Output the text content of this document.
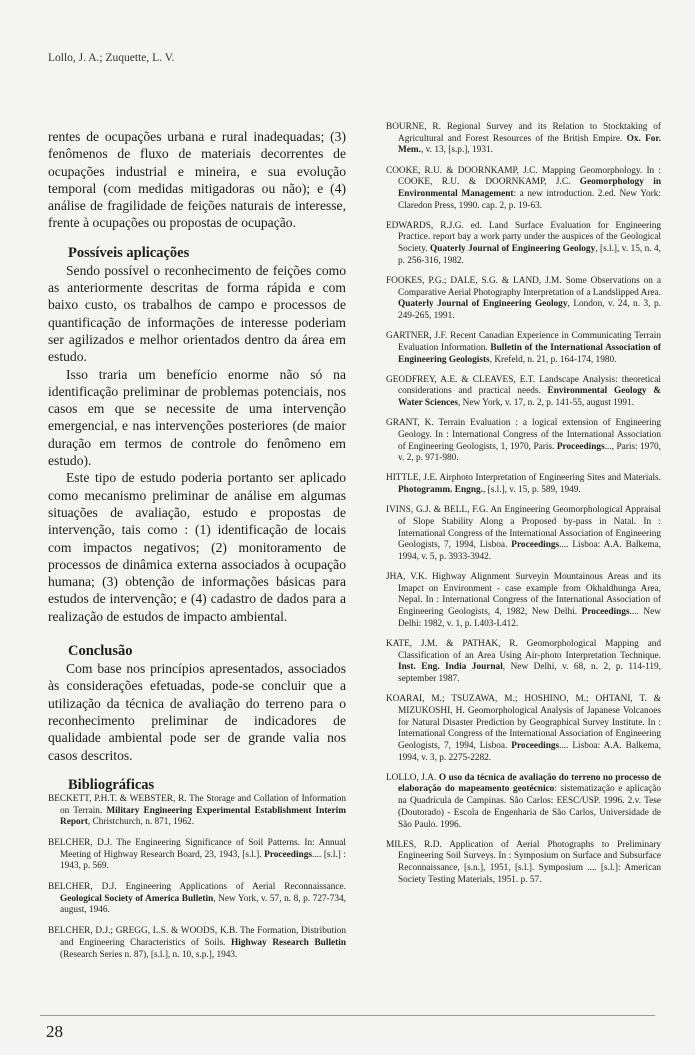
Lollo, J. A.; Zuquette, L. V.

rentes de ocupações urbana e rural inadequadas; (3) fenômenos de fluxo de materiais decorrentes de ocupações industrial e mineira, e sua evolução temporal (com medidas mitigadoras ou não); e (4) análise de fragilidade de feições naturais de interesse, frente à ocupações ou propostas de ocupação.

Possíveis aplicações

Sendo possível o reconhecimento de feições como as anteriormente descritas de forma rápida e com baixo custo, os trabalhos de campo e processos de quantificação de informações de interesse poderiam ser agilizados e melhor orientados dentro da área em estudo.

Isso traria um benefício enorme não só na identificação preliminar de problemas potenciais, nos casos em que se necessite de uma intervenção emergencial, e nas intervenções posteriores (de maior duração em termos de controle do fenômeno em estudo).

Este tipo de estudo poderia portanto ser aplicado como mecanismo preliminar de análise em algumas situações de avaliação, estudo e propostas de intervenção, tais como : (1) identificação de locais com impactos negativos; (2) monitoramento de processos de dinâmica externa associados à ocupação humana; (3) obtenção de informações básicas para estudos de intervenção; e (4) cadastro de dados para a realização de estudos de impacto ambiental.

Conclusão

Com base nos princípios apresentados, associados às considerações efetuadas, pode-se concluir que a utilização da técnica de avaliação do terreno para o reconhecimento preliminar de indicadores de qualidade ambiental pode ser de grande valia nos casos descritos.

Bibliográficas
BECKETT, P.H.T. & WEBSTER, R. The Storage and Collation of Information on Terrain. Military Engineering Experimental Establishment Interim Report, Christchurch, n. 871, 1962.
BELCHER, D.J. The Engineering Significance of Soil Patterns. In: Annual Meeting of Highway Research Board, 23, 1943, [s.l.]. Proceedings.... [s.l.] : 1943, p. 569.
BELCHER, D.J. Engineering Applications of Aerial Reconnaissance. Geological Society of America Bulletin, New York, v. 57, n. 8, p. 727-734, august, 1946.
BELCHER, D.J.; GREGG, L.S. & WOODS, K.B. The Formation, Distribution and Engineering Characteristics of Soils. Highway Research Bulletin (Research Series n. 87), [s.l.], n. 10, s.p.], 1943.
BOURNE, R. Regional Survey and its Relation to Stocktaking of Agricultural and Forest Resources of the British Empire. Ox. For. Mem., v. 13, [s.p.], 1931.
COOKE, R.U. & DOORNKAMP, J.C. Mapping Geomorphology. In : COOKE, R.U. & DOORNKAMP, J.C. Geomorphology in Environmental Management: a new introduction. 2.ed. New York: Claredon Press, 1990. cap. 2, p. 19-63.
EDWARDS, R.J.G. ed. Land Surface Evaluation for Engineering Practice. report bay a work party under the auspices of the Geological Society. Quaterly Journal of Engineering Geology, [s.l.], v. 15, n. 4, p. 256-316, 1982.
FOOKES, P.G.; DALE, S.G. & LAND, J.M. Some Observations on a Comparative Aerial Photography Interpretation of a Landslipped Area. Quaterly Journal of Engineering Geology, London, v. 24, n. 3, p. 249-265, 1991.
GARTNER, J.F. Recent Canadian Experience in Communicating Terrain Evaluation Information. Bulletin of the International Association of Engineering Geologists, Krefeld, n. 21, p. 164-174, 1980.
GEODFREY, A.E. & CLEAVES, E.T. Landscape Analysis: theoretical considerations and practical needs. Environmental Geology & Water Sciences, New York, v. 17, n. 2, p. 141-55, august 1991.
GRANT, K. Terrain Evaluation : a logical extension of Engineering Geology. In : International Congress of the International Association of Engineering Geologists, 1, 1970, Paris. Proceedings..., Paris: 1970, v. 2, p. 971-980.
HITTLE, J.E. Airphoto Interpretation of Engineering Sites and Materials. Photogramm. Engng., [s.l.], v. 15, p. 589, 1949.
IVINS, G.J. & BELL, F.G. An Engineering Geomorphological Appraisal of Slope Stability Along a Proposed by-pass in Natal. In : International Congress of the International Association of Engineering Geologists, 7, 1994, Lisboa. Proceedings.... Lisboa: A.A. Balkema, 1994, v. 5, p. 3933-3942.
JHA, V.K. Highway Alignment Surveyin Mountainous Areas and its Imapct on Environment - case example from Okhaldhunga Area, Nepal. In : International Congress of the International Association of Engineering Geologists, 4, 1982, New Delhi. Proceedings.... New Delhi: 1982, v. 1, p. I.403-I.412.
KATE, J.M. & PATHAK, R. Geomorphological Mapping and Classification of an Area Using Air-photo Interpretation Technique. Inst. Eng. India Journal, New Delhi, v. 68, n. 2, p. 114-119, september 1987.
KOARAI, M.; TSUZAWA, M.; HOSHINO, M.; OHTANI, T. & MIZUKOSHI, H. Geomorphological Analysis of Japanese Volcanoes for Natural Disaster Prediction by Geographical Survey Institute. In : International Congress of the International Association of Engineering Geologists, 7, 1994, Lisboa. Proceedings.... Lisboa: A.A. Balkema, 1994, v. 3, p. 2275-2282.
LOLLO, J.A. O uso da técnica de avaliação do terreno no processo de elaboração do mapeamento geotécnico: sistematização e aplicação na Quadrícula de Campinas. São Carlos: EESC/USP. 1996. 2.v. Tese (Doutorado) - Escola de Engenharia de São Carlos, Universidade de São Paulo. 1996.
MILES, R.D. Application of Aerial Photographs to Preliminary Engineering Soil Surveys. In : Symposium on Surface and Subsurface Reconnaissance, [s.n.], 1951, [s.l.]. Symposium .... [s.l.]: American Society Testing Materials, 1951. p. 57.
28
